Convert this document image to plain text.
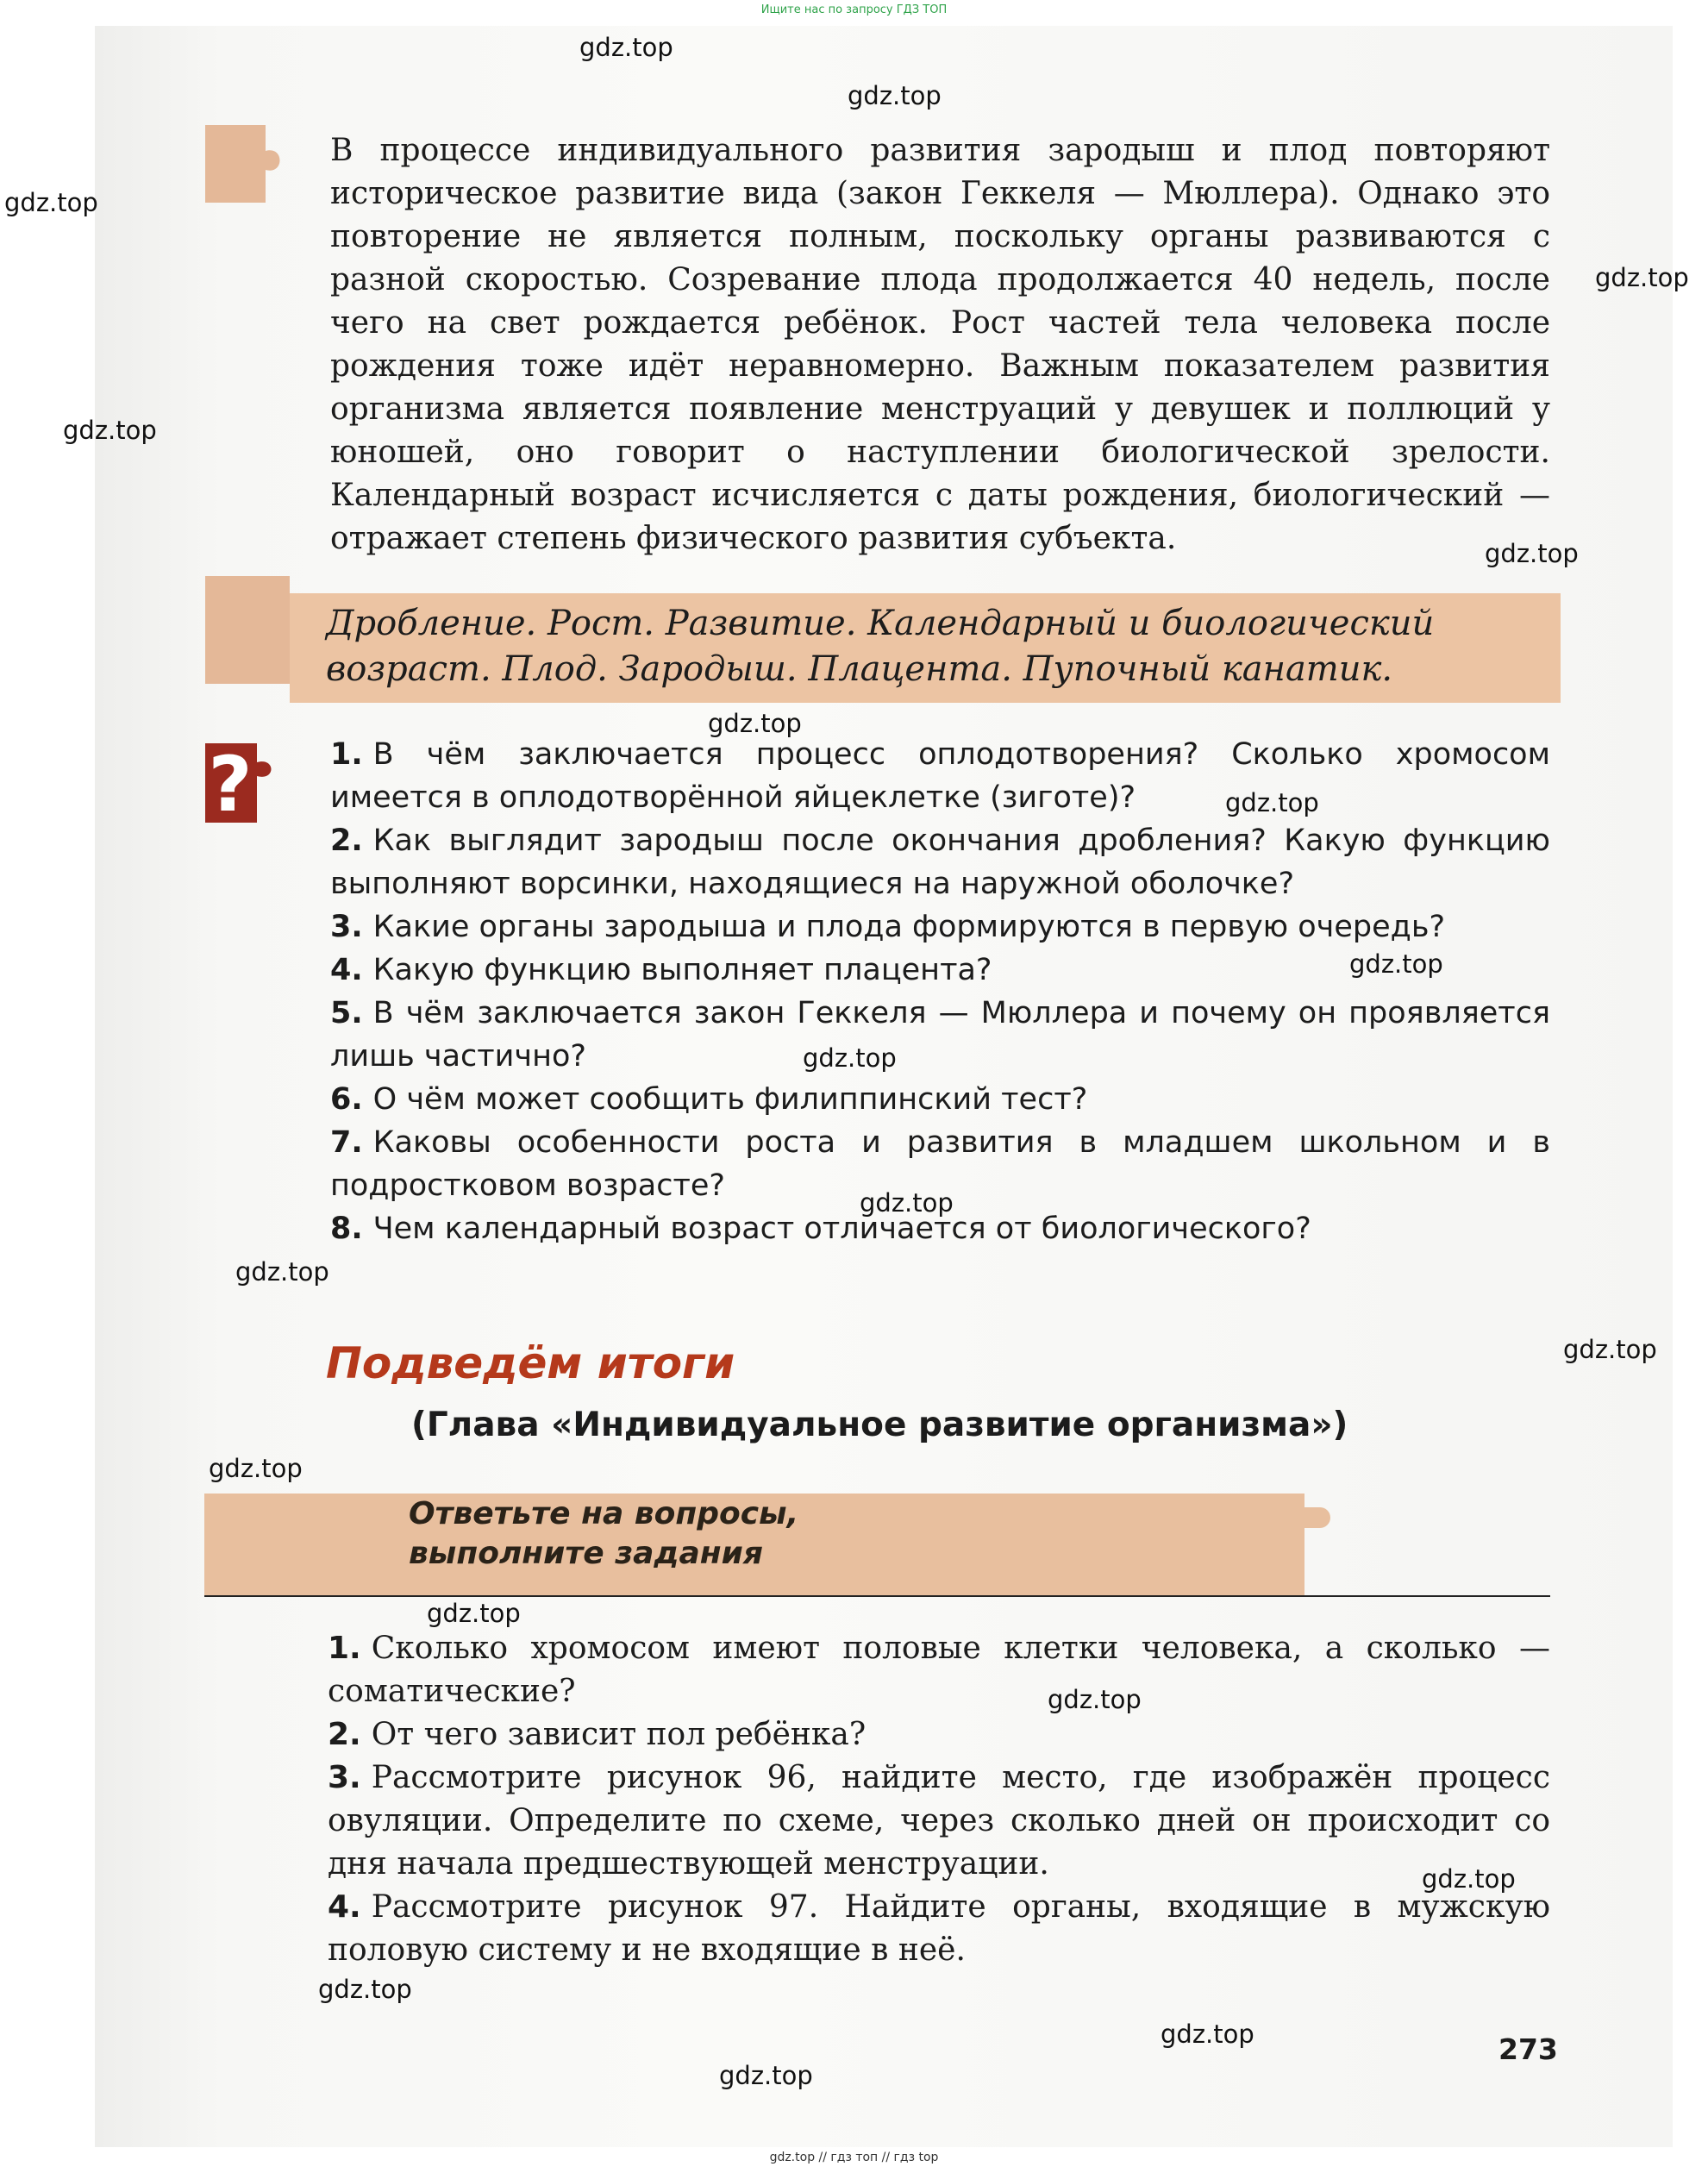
Ищите нас по запросу ГДЗ ТОП

В процессе индивидуального развития зародыш и плод повторяют историческое развитие вида (закон Геккеля — Мюллера). Однако это повторение не является полным, поскольку органы развиваются с разной скоростью. Созревание плода продолжается 40 недель, после чего на свет рождается ребёнок. Рост частей тела человека после рождения тоже идёт неравномерно. Важным показателем развития организма является появление менструаций у девушек и поллюций у юношей, оно говорит о наступлении биологической зрелости. Календарный возраст исчисляется с даты рождения, биологический — отражает степень физического развития субъекта.

Дробление. Рост. Развитие. Календарный и биологический возраст. Плод. Зародыш. Плацента. Пупочный канатик.

?	1. В чём заключается процесс оплодотворения? Сколько хромосом имеется в оплодотворённой яйцеклетке (зиготе)?
2. Как выглядит зародыш после окончания дробления? Какую функцию выполняют ворсинки, находящиеся на наружной оболочке?
3. Какие органы зародыша и плода формируются в первую очередь?
4. Какую функцию выполняет плацента?
5. В чём заключается закон Геккеля — Мюллера и почему он проявляется лишь частично?
6. О чём может сообщить филиппинский тест?
7. Каковы особенности роста и развития в младшем школьном и в подростковом возрасте?
8. Чем календарный возраст отличается от биологического?
Подведём итоги
(Глава «Индивидуальное развитие организма»)

Ответьте на вопросы,
выполните задания

1. Сколько хромосом имеют половые клетки человека, а сколько — соматические?
2. От чего зависит пол ребёнка?
3. Рассмотрите рисунок 96, найдите место, где изображён процесс овуляции. Определите по схеме, через сколько дней он происходит со дня начала предшествующей менструации.
4. Рассмотрите рисунок 97. Найдите органы, входящие в мужскую половую систему и не входящие в неё.
273
gdz.top
gdz.top
gdz.top
gdz.top
gdz.top
gdz.top
gdz.top
gdz.top
gdz.top
gdz.top
gdz.top
gdz.top
gdz.top
gdz.top
gdz.top
gdz.top
gdz.top
gdz.top
gdz.top
gdz.top
gdz.top // гдз топ // гдз top
